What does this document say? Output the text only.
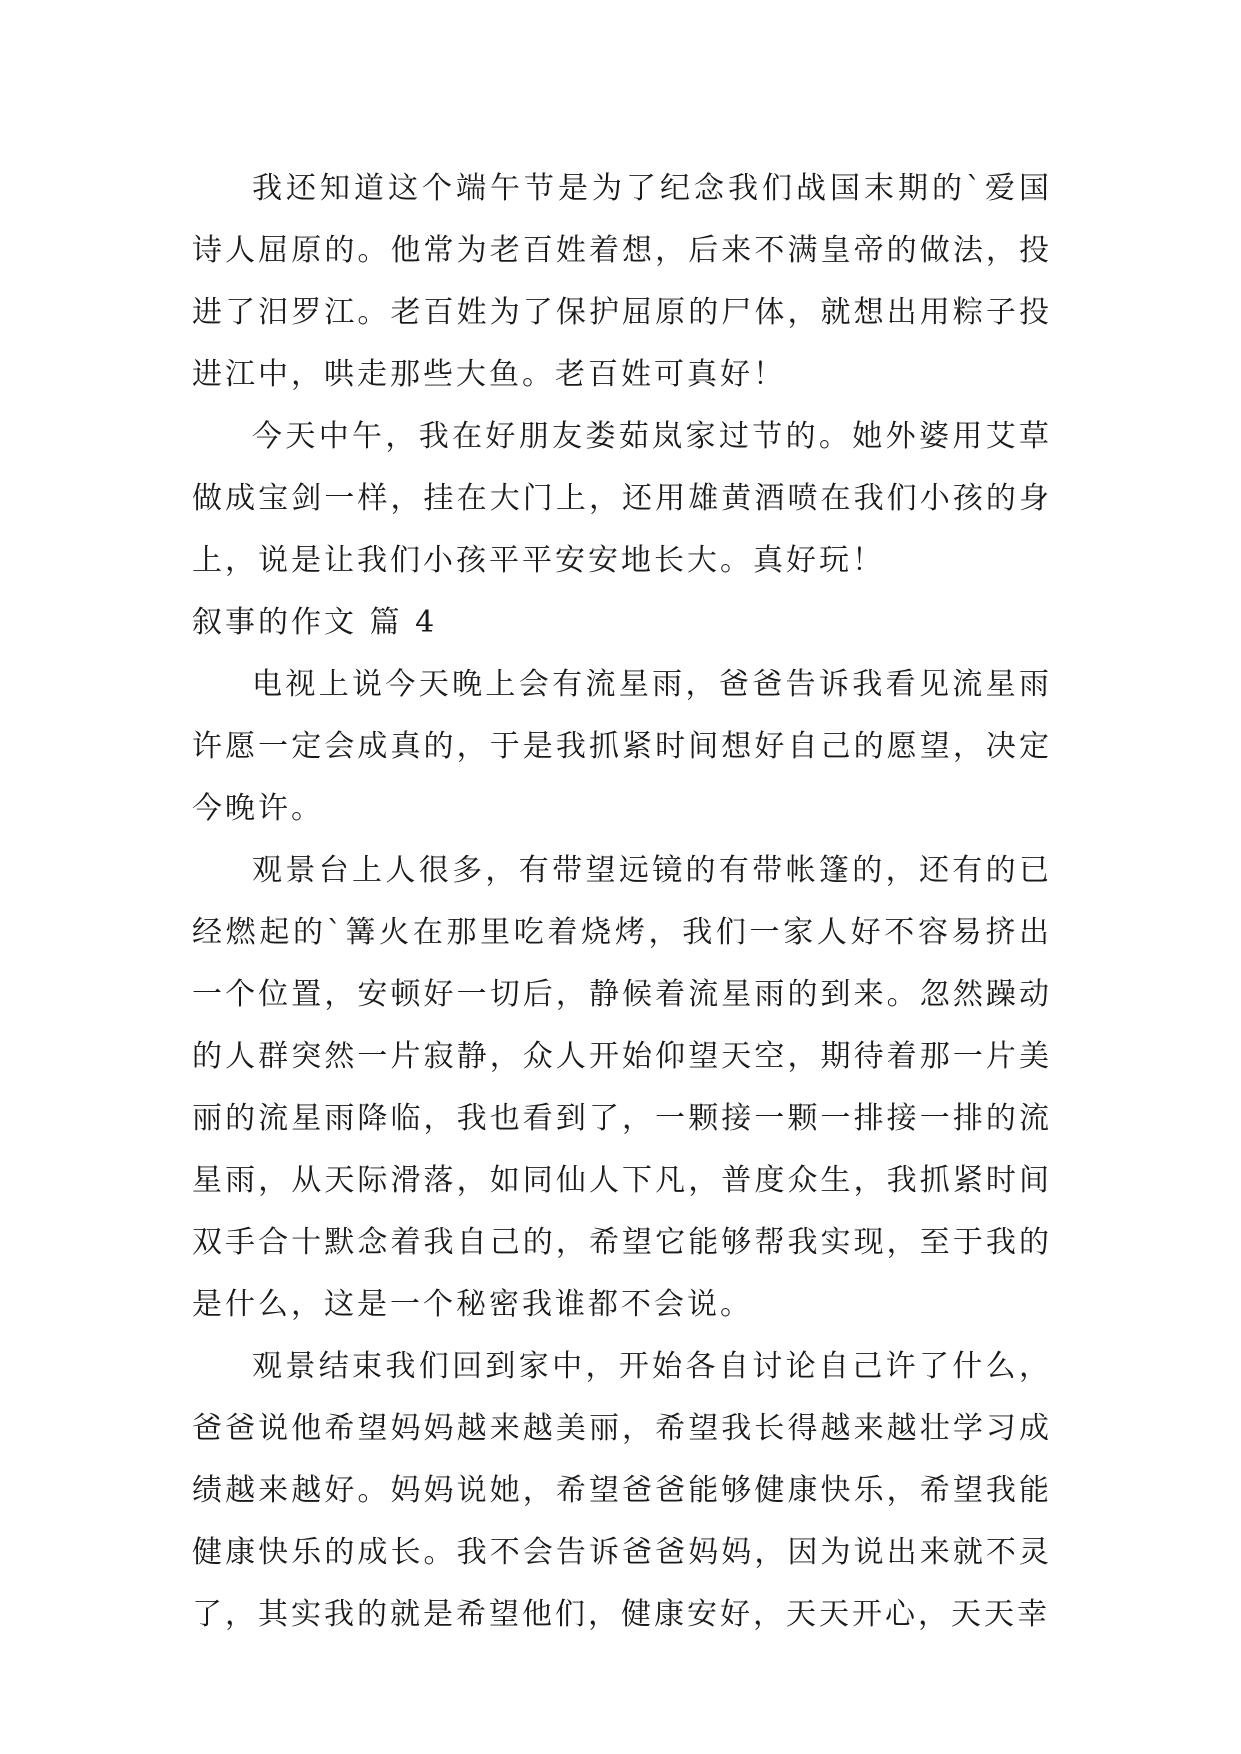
我还知道这个端午节是为了纪念我们战国末期的`爱国诗人屈原的。他常为老百姓着想，后来不满皇帝的做法，投进了汨罗江。老百姓为了保护屈原的尸体，就想出用粽子投进江中，哄走那些大鱼。老百姓可真好！

今天中午，我在好朋友娄茹岚家过节的。她外婆用艾草做成宝剑一样，挂在大门上，还用雄黄酒喷在我们小孩的身上，说是让我们小孩平平安安地长大。真好玩！

叙事的作文 篇 4

电视上说今天晚上会有流星雨，爸爸告诉我看见流星雨许愿一定会成真的，于是我抓紧时间想好自己的愿望，决定今晚许。

观景台上人很多，有带望远镜的有带帐篷的，还有的已经燃起的`篝火在那里吃着烧烤，我们一家人好不容易挤出一个位置，安顿好一切后，静候着流星雨的到来。忽然躁动的人群突然一片寂静，众人开始仰望天空，期待着那一片美丽的流星雨降临，我也看到了，一颗接一颗一排接一排的流星雨，从天际滑落，如同仙人下凡，普度众生，我抓紧时间双手合十默念着我自己的，希望它能够帮我实现，至于我的是什么，这是一个秘密我谁都不会说。

观景结束我们回到家中，开始各自讨论自己许了什么，爸爸说他希望妈妈越来越美丽，希望我长得越来越壮学习成绩越来越好。妈妈说她，希望爸爸能够健康快乐，希望我能健康快乐的成长。我不会告诉爸爸妈妈，因为说出来就不灵了，其实我的就是希望他们，健康安好，天天开心，天天幸
